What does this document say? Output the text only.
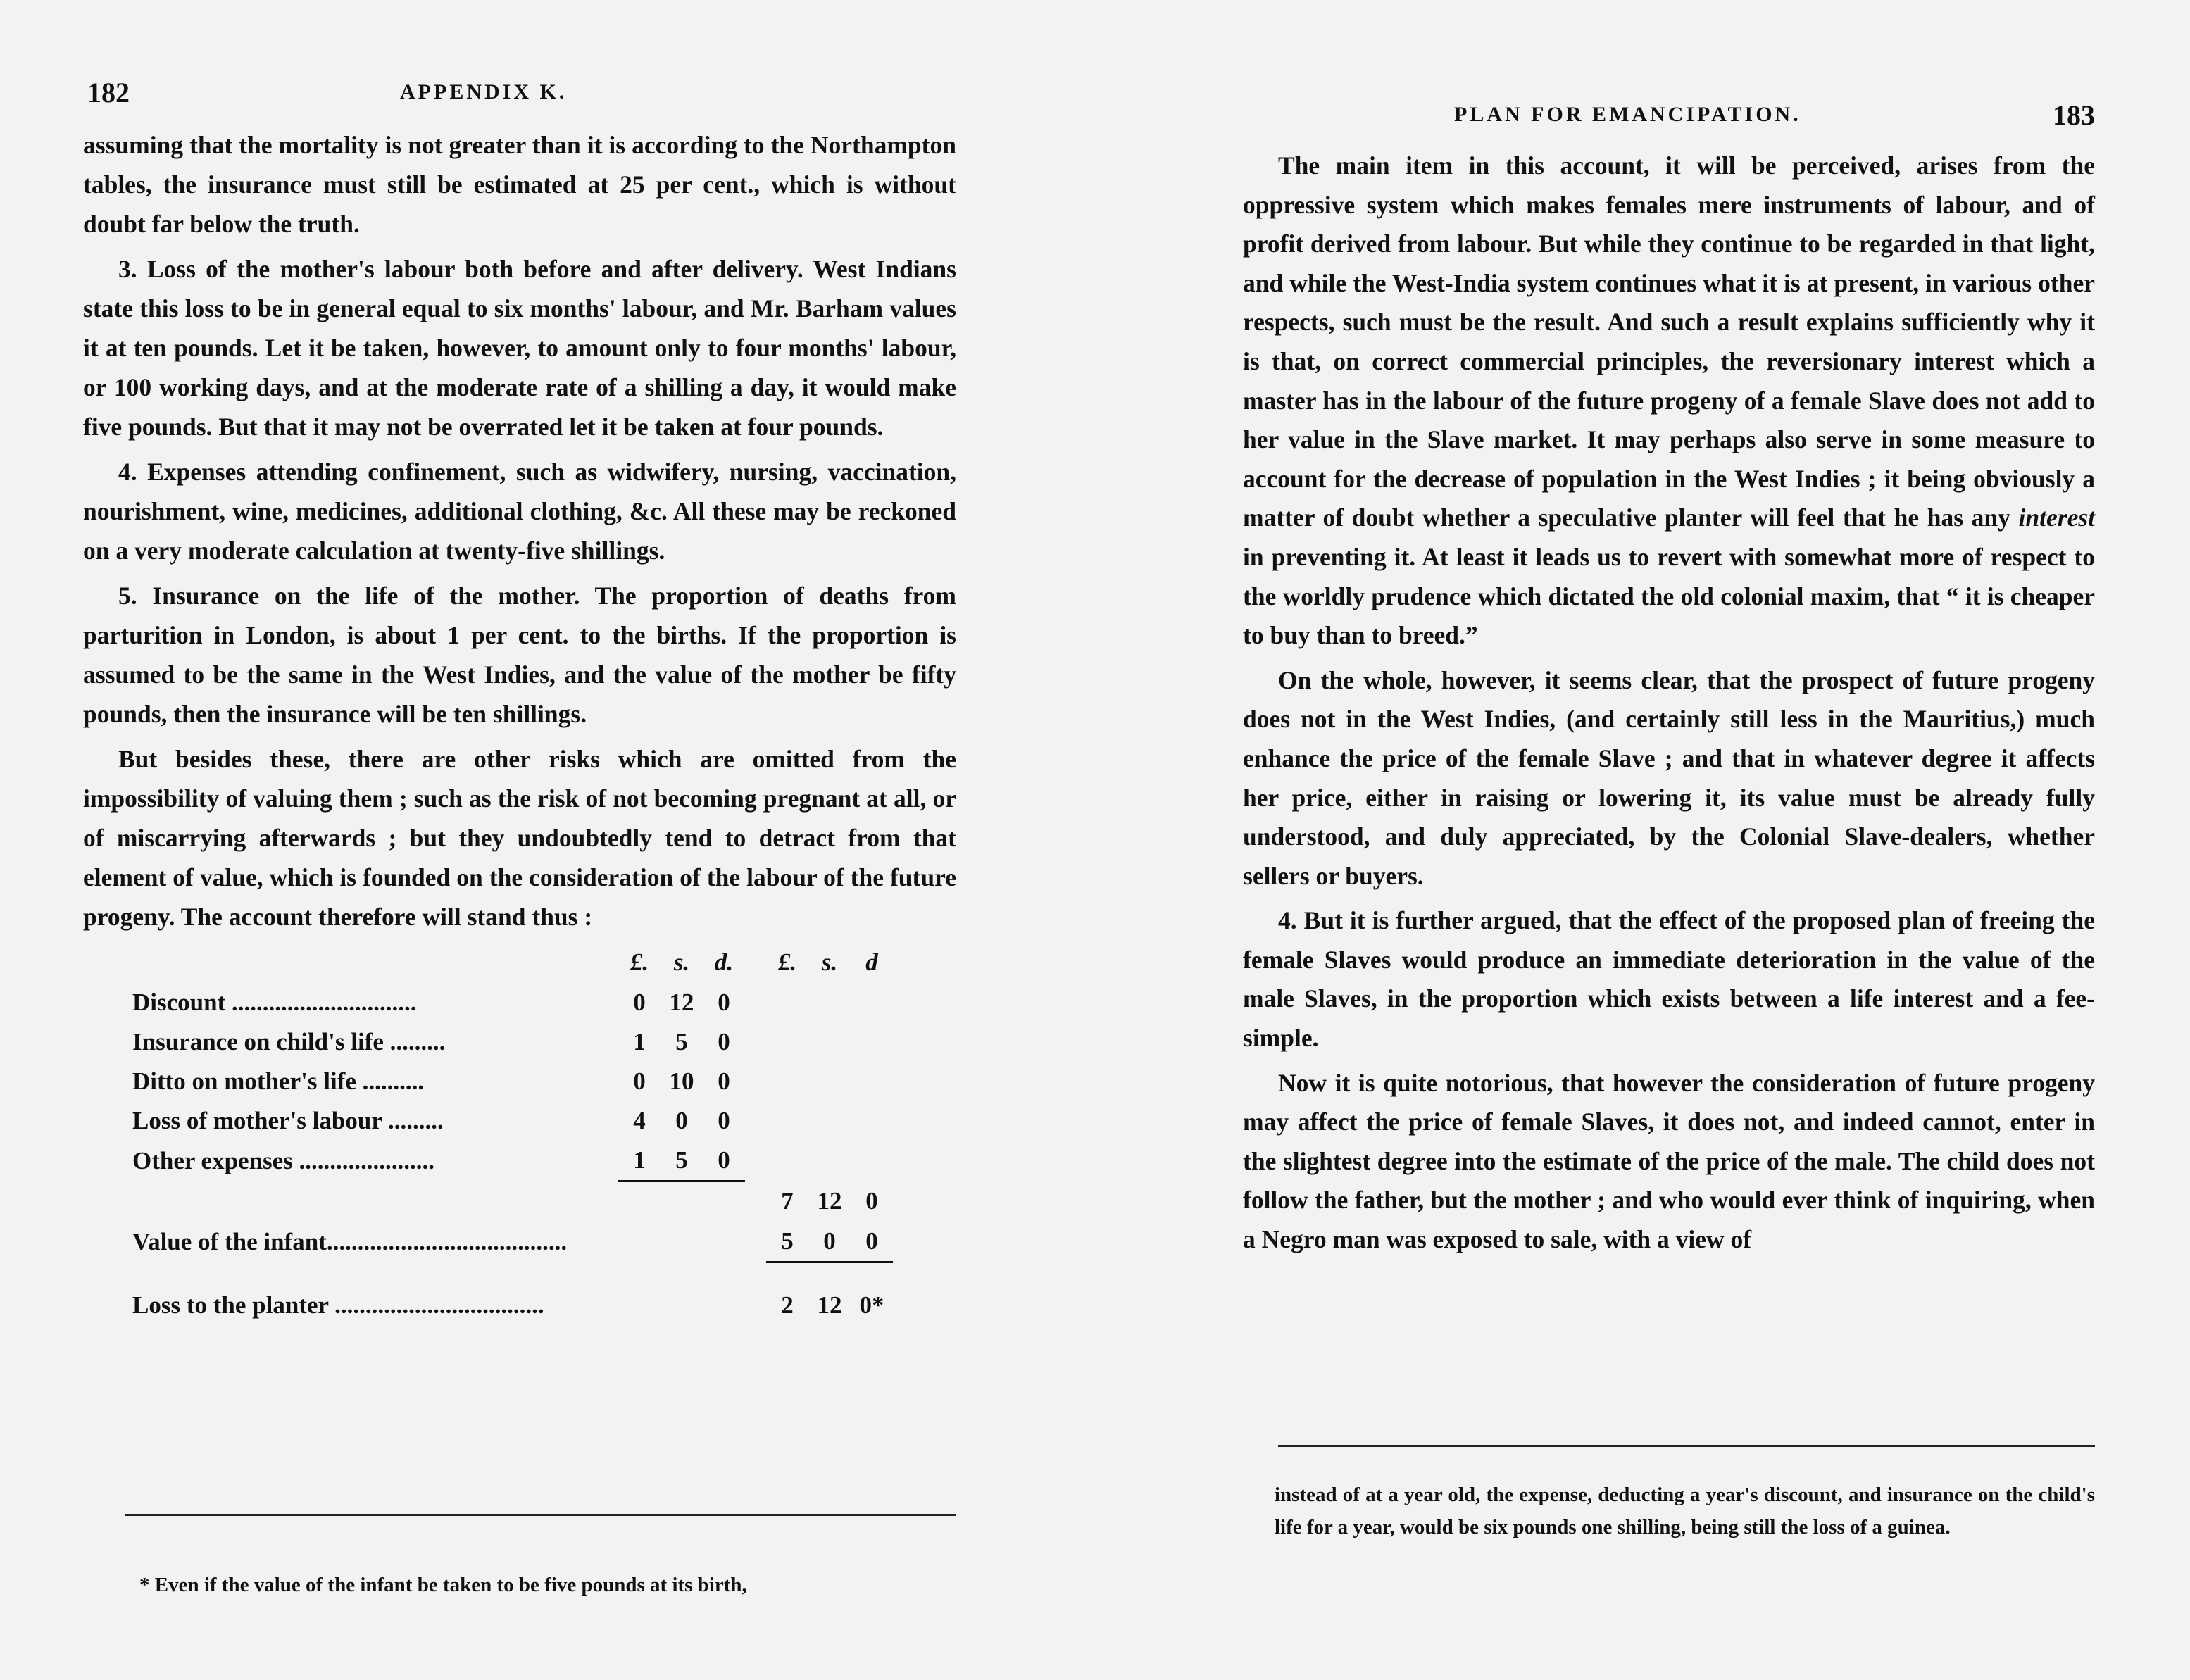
182	APPENDIX K.

assuming that the mortality is not greater than it is according to the Northampton tables, the insurance must still be estimated at 25 per cent., which is without doubt far below the truth.

3. Loss of the mother's labour both before and after delivery. West Indians state this loss to be in general equal to six months' labour, and Mr. Barham values it at ten pounds. Let it be taken, however, to amount only to four months' labour, or 100 working days, and at the moderate rate of a shilling a day, it would make five pounds. But that it may not be overrated let it be taken at four pounds.

4. Expenses attending confinement, such as widwifery, nursing, vaccination, nourishment, wine, medicines, additional clothing, &c. All these may be reckoned on a very moderate calculation at twenty-five shillings.

5. Insurance on the life of the mother. The proportion of deaths from parturition in London, is about 1 per cent. to the births. If the proportion is assumed to be the same in the West Indies, and the value of the mother be fifty pounds, then the insurance will be ten shillings.

But besides these, there are other risks which are omitted from the impossibility of valuing them ; such as the risk of not becoming pregnant at all, or of miscarrying afterwards ; but they undoubtedly tend to detract from that element of value, which is founded on the consideration of the labour of the future progeny. The account therefore will stand thus :

	£.	s.	d.		£.	s.	d
Discount ..............................	0	12	0				
Insurance on child's life .........	1	5	0				
Ditto on mother's life ..........	0	10	0				
Loss of mother's labour .........	4	0	0				
Other expenses ......................	1	5	0				
					7	12	0
Value of the infant.......................................					5	0	0
Loss to the planter ..................................					2	12	0*
* Even if the value of the infant be taken to be five pounds at its birth,
PLAN FOR EMANCIPATION.	183

The main item in this account, it will be perceived, arises from the oppressive system which makes females mere instruments of labour, and of profit derived from labour. But while they continue to be regarded in that light, and while the West-India system continues what it is at present, in various other respects, such must be the result. And such a result explains sufficiently why it is that, on correct commercial principles, the reversionary interest which a master has in the labour of the future progeny of a female Slave does not add to her value in the Slave market. It may perhaps also serve in some measure to account for the decrease of population in the West Indies ; it being obviously a matter of doubt whether a speculative planter will feel that he has any interest in preventing it. At least it leads us to revert with somewhat more of respect to the worldly prudence which dictated the old colonial maxim, that “ it is cheaper to buy than to breed.”

On the whole, however, it seems clear, that the prospect of future progeny does not in the West Indies, (and certainly still less in the Mauritius,) much enhance the price of the female Slave ; and that in whatever degree it affects her price, either in raising or lowering it, its value must be already fully understood, and duly appreciated, by the Colonial Slave-dealers, whether sellers or buyers.

4. But it is further argued, that the effect of the proposed plan of freeing the female Slaves would produce an immediate deterioration in the value of the male Slaves, in the proportion which exists between a life interest and a fee-simple.

Now it is quite notorious, that however the consideration of future progeny may affect the price of female Slaves, it does not, and indeed cannot, enter in the slightest degree into the estimate of the price of the male. The child does not follow the father, but the mother ; and who would ever think of inquiring, when a Negro man was exposed to sale, with a view of

instead of at a year old, the expense, deducting a year's discount, and insurance on the child's life for a year, would be six pounds one shilling, being still the loss of a guinea.
